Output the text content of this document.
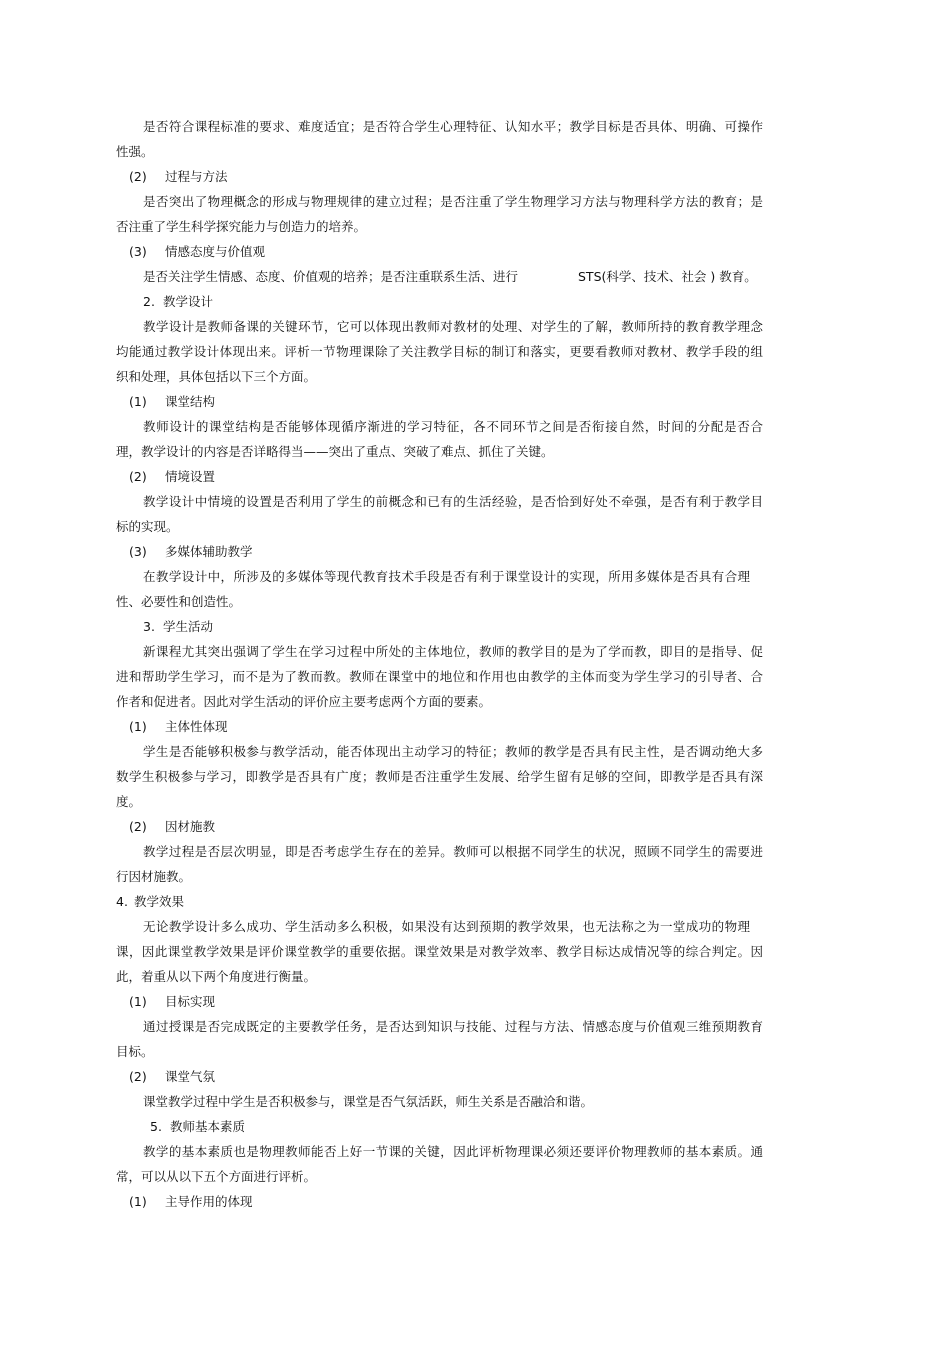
是否符合课程标准的要求、难度适宜；是否符合学生心理特征、认知水平；教学目标是否具体、明确、可操作
性强。
(2) 过程与方法
是否突出了物理概念的形成与物理规律的建立过程；是否注重了学生物理学习方法与物理科学方法的教育；是
否注重了学生科学探究能力与创造力的培养。
(3) 情感态度与价值观
是否关注学生情感、态度、价值观的培养；是否注重联系生活、进行	STS(科学、技术、社会 ) 教育。
2. 教学设计
教学设计是教师备课的关键环节，它可以体现出教师对教材的处理、对学生的了解，教师所持的教育教学理念
均能通过教学设计体现出来。评析一节物理课除了关注教学目标的制订和落实，更要看教师对教材、教学手段的组
织和处理，具体包括以下三个方面。
(1) 课堂结构
教师设计的课堂结构是否能够体现循序渐进的学习特征，各不同环节之间是否衔接自然，时间的分配是否合
理，教学设计的内容是否详略得当——突出了重点、突破了难点、抓住了关键。
(2) 情境设置
教学设计中情境的设置是否利用了学生的前概念和已有的生活经验，是否恰到好处不牵强，是否有利于教学目
标的实现。
(3) 多媒体辅助教学
在教学设计中，所涉及的多媒体等现代教育技术手段是否有利于课堂设计的实现，所用多媒体是否具有合理
性、必要性和创造性。
3. 学生活动
新课程尤其突出强调了学生在学习过程中所处的主体地位，教师的教学目的是为了学而教，即目的是指导、促
进和帮助学生学习，而不是为了教而教。教师在课堂中的地位和作用也由教学的主体而变为学生学习的引导者、合
作者和促进者。因此对学生活动的评价应主要考虑两个方面的要素。
(1) 主体性体现
学生是否能够积极参与教学活动，能否体现出主动学习的特征；教师的教学是否具有民主性，是否调动绝大多
数学生积极参与学习，即教学是否具有广度；教师是否注重学生发展、给学生留有足够的空间，即教学是否具有深
度。
(2) 因材施教
教学过程是否层次明显，即是否考虑学生存在的差异。教师可以根据不同学生的状况，照顾不同学生的需要进
行因材施教。
4. 教学效果
无论教学设计多么成功、学生活动多么积极，如果没有达到预期的教学效果，也无法称之为一堂成功的物理
课，因此课堂教学效果是评价课堂教学的重要依据。课堂效果是对教学效率、教学目标达成情况等的综合判定。因
此，着重从以下两个角度进行衡量。
(1) 目标实现
通过授课是否完成既定的主要教学任务，是否达到知识与技能、过程与方法、情感态度与价值观三维预期教育
目标。
(2) 课堂气氛
课堂教学过程中学生是否积极参与，课堂是否气氛活跃，师生关系是否融洽和谐。
5. 教师基本素质
教学的基本素质也是物理教师能否上好一节课的关键，因此评析物理课必须还要评价物理教师的基本素质。通
常，可以从以下五个方面进行评析。
(1) 主导作用的体现
